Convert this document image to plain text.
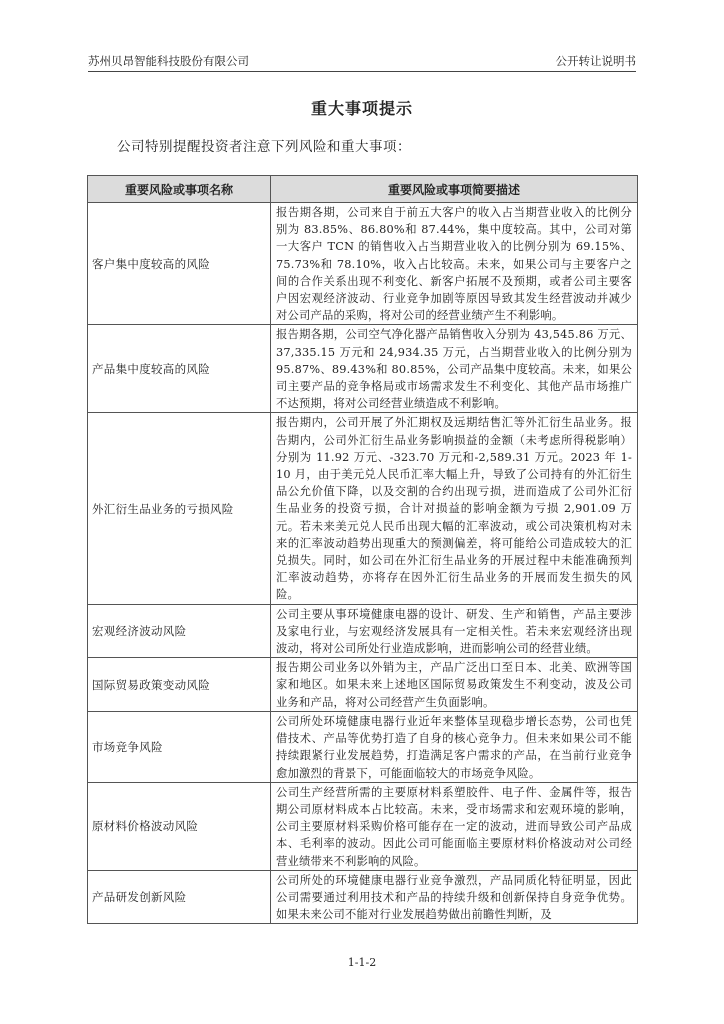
苏州贝昂智能科技股份有限公司	公开转让说明书
重大事项提示
公司特别提醒投资者注意下列风险和重大事项：
重要风险或事项名称	重要风险或事项简要描述
客户集中度较高的风险	报告期各期，公司来自于前五大客户的收入占当期营业收入的比例分别为 83.85%、86.80%和 87.44%，集中度较高。其中，公司对第一大客户 TCN 的销售收入占当期营业收入的比例分别为 69.15%、75.73%和 78.10%，收入占比较高。未来，如果公司与主要客户之间的合作关系出现不利变化、新客户拓展不及预期，或者公司主要客户因宏观经济波动、行业竞争加剧等原因导致其发生经营波动并减少对公司产品的采购，将对公司的经营业绩产生不利影响。
产品集中度较高的风险	报告期各期，公司空气净化器产品销售收入分别为 43,545.86 万元、37,335.15 万元和 24,934.35 万元，占当期营业收入的比例分别为 95.87%、89.43%和 80.85%，公司产品集中度较高。未来，如果公司主要产品的竞争格局或市场需求发生不利变化、其他产品市场推广不达预期，将对公司经营业绩造成不利影响。
外汇衍生品业务的亏损风险	报告期内，公司开展了外汇期权及远期结售汇等外汇衍生品业务。报告期内，公司外汇衍生品业务影响损益的金额（未考虑所得税影响）分别为 11.92 万元、-323.70 万元和-2,589.31 万元。2023 年 1-10 月，由于美元兑人民币汇率大幅上升，导致了公司持有的外汇衍生品公允价值下降，以及交割的合约出现亏损，进而造成了公司外汇衍生品业务的投资亏损，合计对损益的影响金额为亏损 2,901.09 万元。若未来美元兑人民币出现大幅的汇率波动，或公司决策机构对未来的汇率波动趋势出现重大的预测偏差，将可能给公司造成较大的汇兑损失。同时，如公司在外汇衍生品业务的开展过程中未能准确预判汇率波动趋势，亦将存在因外汇衍生品业务的开展而发生损失的风险。
宏观经济波动风险	公司主要从事环境健康电器的设计、研发、生产和销售，产品主要涉及家电行业，与宏观经济发展具有一定相关性。若未来宏观经济出现波动，将对公司所处行业造成影响，进而影响公司的经营业绩。
国际贸易政策变动风险	报告期公司业务以外销为主，产品广泛出口至日本、北美、欧洲等国家和地区。如果未来上述地区国际贸易政策发生不利变动，波及公司业务和产品，将对公司经营产生负面影响。
市场竞争风险	公司所处环境健康电器行业近年来整体呈现稳步增长态势，公司也凭借技术、产品等优势打造了自身的核心竞争力。但未来如果公司不能持续跟紧行业发展趋势，打造满足客户需求的产品，在当前行业竞争愈加激烈的背景下，可能面临较大的市场竞争风险。
原材料价格波动风险	公司生产经营所需的主要原材料系塑胶件、电子件、金属件等，报告期公司原材料成本占比较高。未来，受市场需求和宏观环境的影响，公司主要原材料采购价格可能存在一定的波动，进而导致公司产品成本、毛利率的波动。因此公司可能面临主要原材料价格波动对公司经营业绩带来不利影响的风险。
产品研发创新风险	公司所处的环境健康电器行业竞争激烈，产品同质化特征明显，因此公司需要通过利用技术和产品的持续升级和创新保持自身竞争优势。如果未来公司不能对行业发展趋势做出前瞻性判断，及
1-1-2
